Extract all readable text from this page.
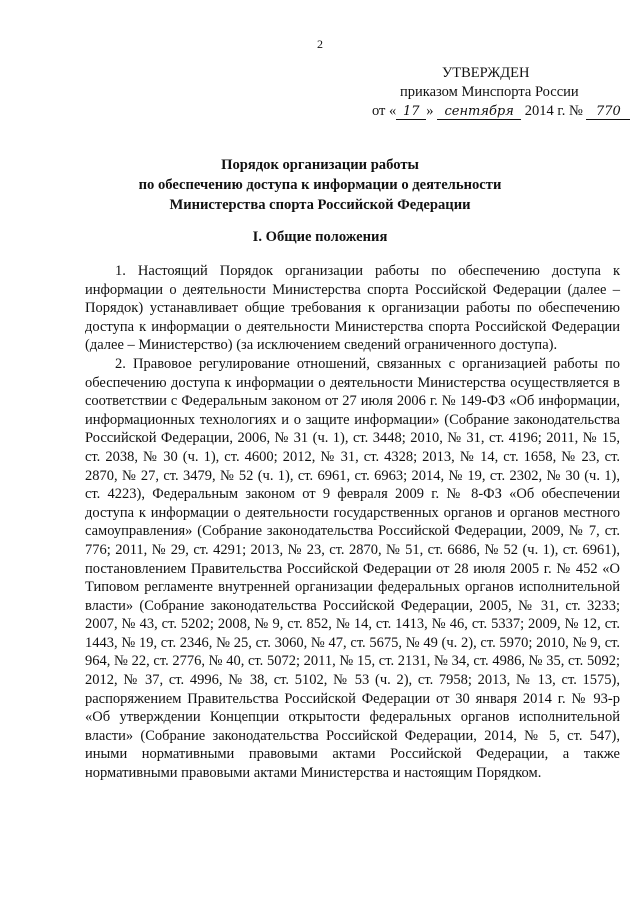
2
УТВЕРЖДЕН
приказом Минспорта России
от « 17 » сентября 2014 г. № 770
Порядок организации работы
по обеспечению доступа к информации о деятельности
Министерства спорта Российской Федерации
I. Общие положения

1. Настоящий Порядок организации работы по обеспечению доступа к информации о деятельности Министерства спорта Российской Федерации (далее – Порядок) устанавливает общие требования к организации работы по обеспечению доступа к информации о деятельности Министерства спорта Российской Федерации (далее – Министерство) (за исключением сведений ограниченного доступа).

2. Правовое регулирование отношений, связанных с организацией работы по обеспечению доступа к информации о деятельности Министерства осуществляется в соответствии с Федеральным законом от 27 июля 2006 г. № 149-ФЗ «Об информации, информационных технологиях и о защите информации» (Собрание законодательства Российской Федерации, 2006, № 31 (ч. 1), ст. 3448; 2010, № 31, ст. 4196; 2011, № 15, ст. 2038, № 30 (ч. 1), ст. 4600; 2012, № 31, ст. 4328; 2013, № 14, ст. 1658, № 23, ст. 2870, № 27, ст. 3479, № 52 (ч. 1), ст. 6961, ст. 6963; 2014, № 19, ст. 2302, № 30 (ч. 1), ст. 4223), Федеральным законом от 9 февраля 2009 г. № 8-ФЗ «Об обеспечении доступа к информации о деятельности государственных органов и органов местного самоуправления» (Собрание законодательства Российской Федерации, 2009, № 7, ст. 776; 2011, № 29, ст. 4291; 2013, № 23, ст. 2870, № 51, ст. 6686, № 52 (ч. 1), ст. 6961), постановлением Правительства Российской Федерации от 28 июля 2005 г. № 452 «О Типовом регламенте внутренней организации федеральных органов исполнительной власти» (Собрание законодательства Российской Федерации, 2005, № 31, ст. 3233; 2007, № 43, ст. 5202; 2008, № 9, ст. 852, № 14, ст. 1413, № 46, ст. 5337; 2009, № 12, ст. 1443, № 19, ст. 2346, № 25, ст. 3060, № 47, ст. 5675, № 49 (ч. 2), ст. 5970; 2010, № 9, ст. 964, № 22, ст. 2776, № 40, ст. 5072; 2011, № 15, ст. 2131, № 34, ст. 4986, № 35, ст. 5092; 2012, № 37, ст. 4996, № 38, ст. 5102, № 53 (ч. 2), ст. 7958; 2013, № 13, ст. 1575), распоряжением Правительства Российской Федерации от 30 января 2014 г. № 93-р «Об утверждении Концепции открытости федеральных органов исполнительной власти» (Собрание законодательства Российской Федерации, 2014, № 5, ст. 547), иными нормативными правовыми актами Российской Федерации, а также нормативными правовыми актами Министерства и настоящим Порядком.
